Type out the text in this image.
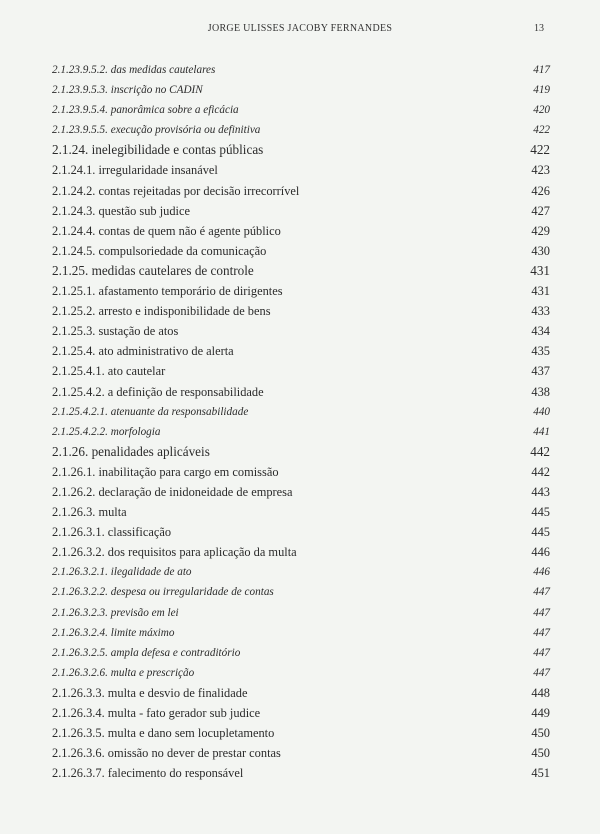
JORGE ULISSES JACOBY FERNANDES	13
2.1.23.9.5.2. das medidas cautelares	417
2.1.23.9.5.3. inscrição no CADIN	419
2.1.23.9.5.4. panorâmica sobre a eficácia	420
2.1.23.9.5.5. execução provisória ou definitiva	422
2.1.24. inelegibilidade e contas públicas	422
2.1.24.1. irregularidade insanável	423
2.1.24.2. contas rejeitadas por decisão irrecorrível	426
2.1.24.3. questão sub judice	427
2.1.24.4. contas de quem não é agente público	429
2.1.24.5. compulsoriedade da comunicação	430
2.1.25. medidas cautelares de controle	431
2.1.25.1. afastamento temporário de dirigentes	431
2.1.25.2. arresto e indisponibilidade de bens	433
2.1.25.3. sustação de atos	434
2.1.25.4. ato administrativo de alerta	435
2.1.25.4.1. ato cautelar	437
2.1.25.4.2. a definição de responsabilidade	438
2.1.25.4.2.1. atenuante da responsabilidade	440
2.1.25.4.2.2. morfologia	441
2.1.26. penalidades aplicáveis	442
2.1.26.1. inabilitação para cargo em comissão	442
2.1.26.2. declaração de inidoneidade de empresa	443
2.1.26.3. multa	445
2.1.26.3.1. classificação	445
2.1.26.3.2. dos requisitos para aplicação da multa	446
2.1.26.3.2.1. ilegalidade de ato	446
2.1.26.3.2.2. despesa ou irregularidade de contas	447
2.1.26.3.2.3. previsão em lei	447
2.1.26.3.2.4. limite máximo	447
2.1.26.3.2.5. ampla defesa e contraditório	447
2.1.26.3.2.6. multa e prescrição	447
2.1.26.3.3. multa e desvio de finalidade	448
2.1.26.3.4. multa - fato gerador sub judice	449
2.1.26.3.5. multa e dano sem locupletamento	450
2.1.26.3.6. omissão no dever de prestar contas	450
2.1.26.3.7. falecimento do responsável	451
